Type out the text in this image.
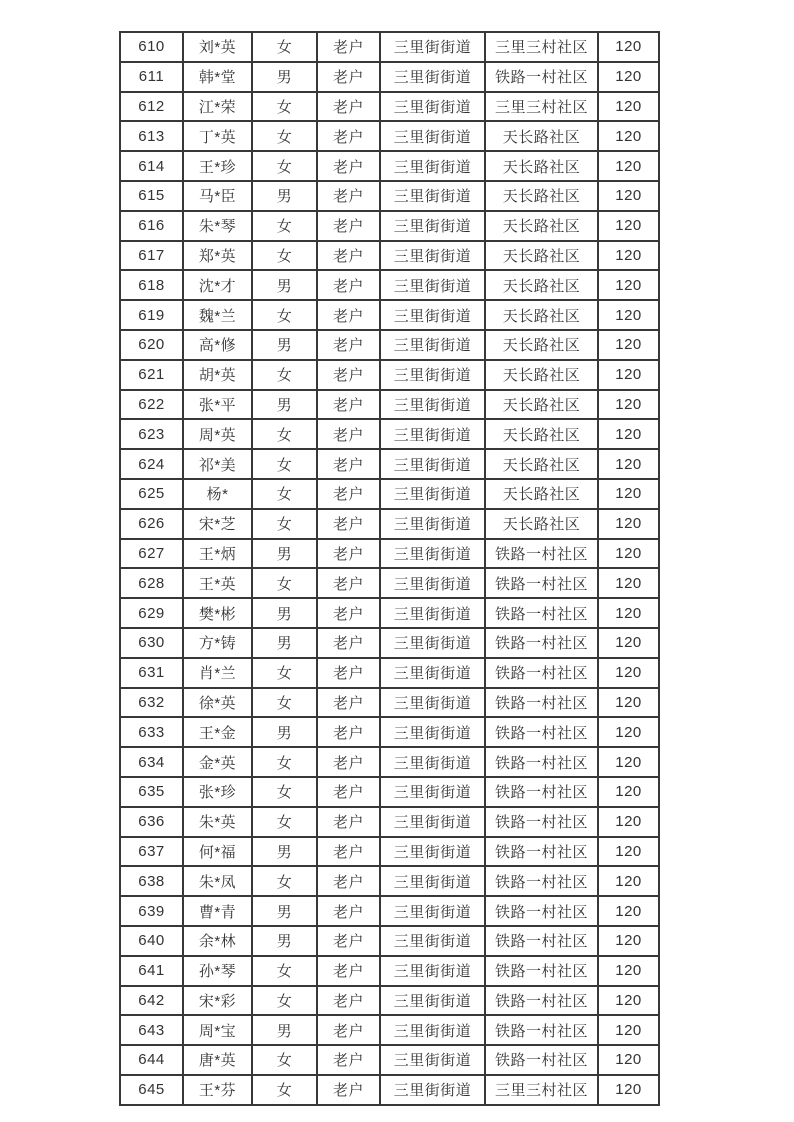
610	刘*英	女	老户	三里街街道	三里三村社区	120
611	韩*堂	男	老户	三里街街道	铁路一村社区	120
612	江*荣	女	老户	三里街街道	三里三村社区	120
613	丁*英	女	老户	三里街街道	天长路社区	120
614	王*珍	女	老户	三里街街道	天长路社区	120
615	马*臣	男	老户	三里街街道	天长路社区	120
616	朱*琴	女	老户	三里街街道	天长路社区	120
617	郑*英	女	老户	三里街街道	天长路社区	120
618	沈*才	男	老户	三里街街道	天长路社区	120
619	魏*兰	女	老户	三里街街道	天长路社区	120
620	高*修	男	老户	三里街街道	天长路社区	120
621	胡*英	女	老户	三里街街道	天长路社区	120
622	张*平	男	老户	三里街街道	天长路社区	120
623	周*英	女	老户	三里街街道	天长路社区	120
624	祁*美	女	老户	三里街街道	天长路社区	120
625	杨*	女	老户	三里街街道	天长路社区	120
626	宋*芝	女	老户	三里街街道	天长路社区	120
627	王*炳	男	老户	三里街街道	铁路一村社区	120
628	王*英	女	老户	三里街街道	铁路一村社区	120
629	樊*彬	男	老户	三里街街道	铁路一村社区	120
630	方*铸	男	老户	三里街街道	铁路一村社区	120
631	肖*兰	女	老户	三里街街道	铁路一村社区	120
632	徐*英	女	老户	三里街街道	铁路一村社区	120
633	王*金	男	老户	三里街街道	铁路一村社区	120
634	金*英	女	老户	三里街街道	铁路一村社区	120
635	张*珍	女	老户	三里街街道	铁路一村社区	120
636	朱*英	女	老户	三里街街道	铁路一村社区	120
637	何*福	男	老户	三里街街道	铁路一村社区	120
638	朱*凤	女	老户	三里街街道	铁路一村社区	120
639	曹*青	男	老户	三里街街道	铁路一村社区	120
640	余*林	男	老户	三里街街道	铁路一村社区	120
641	孙*琴	女	老户	三里街街道	铁路一村社区	120
642	宋*彩	女	老户	三里街街道	铁路一村社区	120
643	周*宝	男	老户	三里街街道	铁路一村社区	120
644	唐*英	女	老户	三里街街道	铁路一村社区	120
645	王*芬	女	老户	三里街街道	三里三村社区	120
